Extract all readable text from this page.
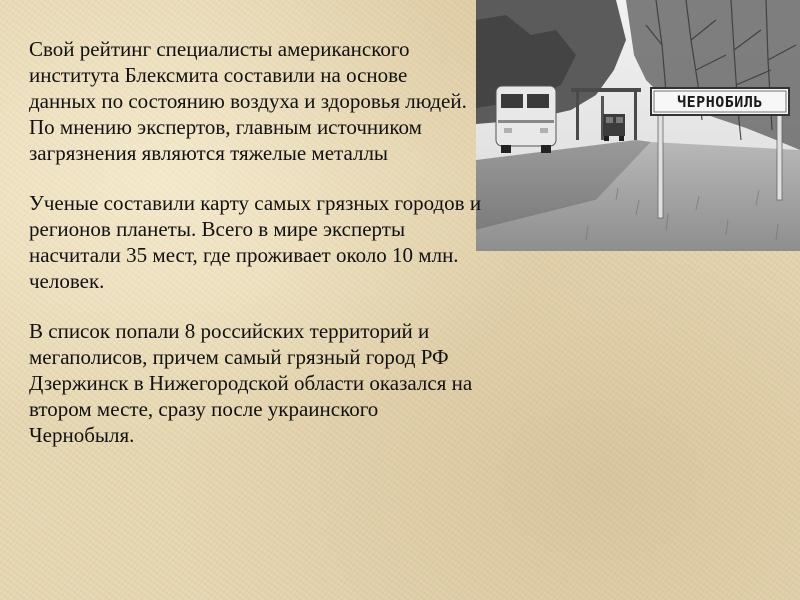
ЧЕРНОБИЛЬ

Свой рейтинг специалисты американского института Блексмита составили на основе данных по состоянию воздуха и здоровья людей. По мнению экспертов, главным источником загрязнения являются тяжелые металлы

Ученые составили карту самых грязных городов и регионов планеты. Всего в мире эксперты насчитали 35 мест, где проживает около 10 млн. человек.

В список попали 8 российских территорий и мегаполисов, причем самый грязный город РФ Дзержинск в Нижегородской области оказался на втором месте, сразу после украинского Чернобыля.
